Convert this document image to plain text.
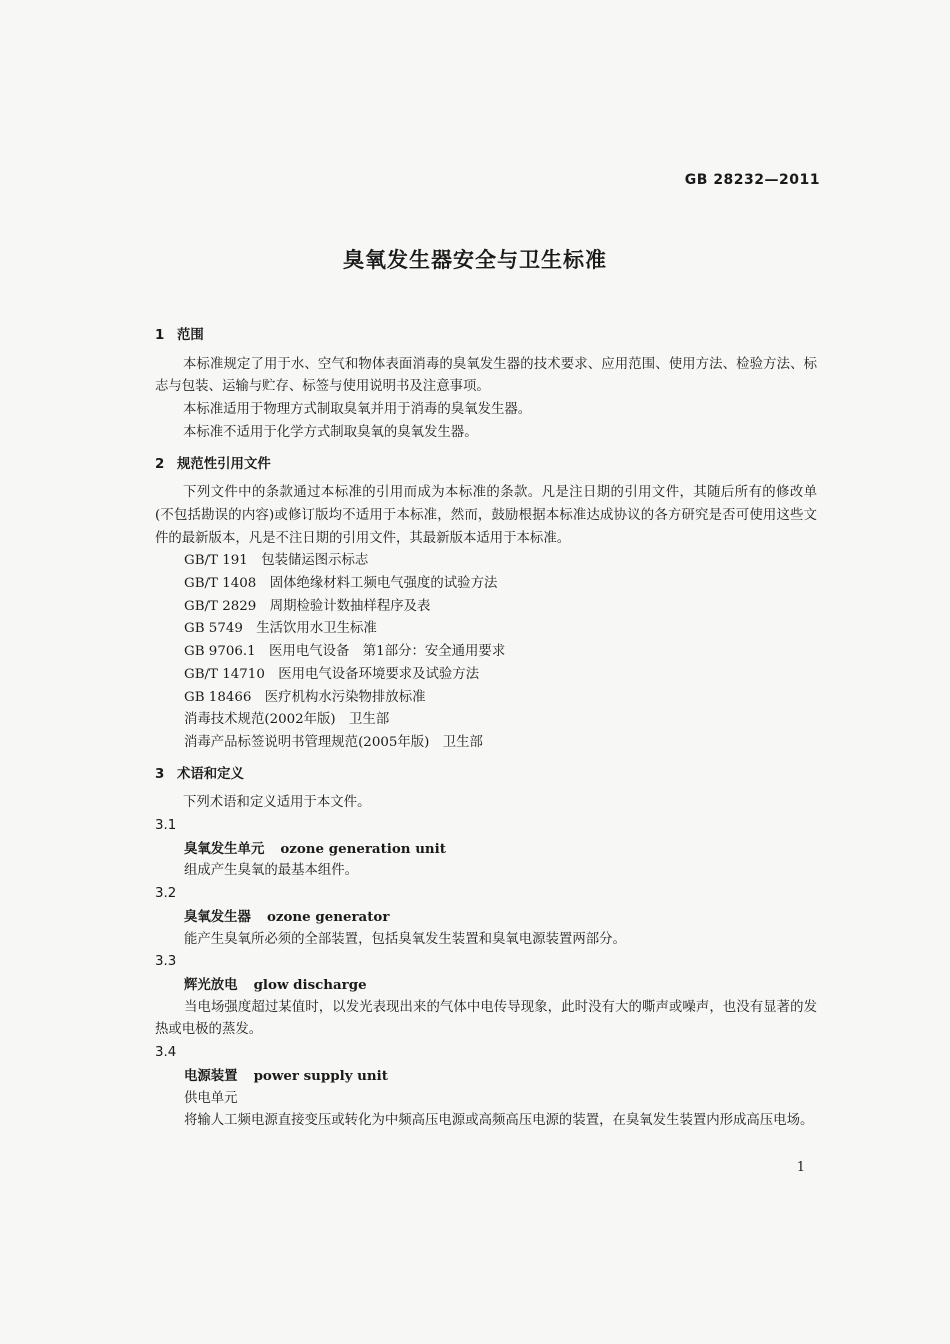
GB 28232—2011
臭氧发生器安全与卫生标准
1 范围

本标准规定了用于水、空气和物体表面消毒的臭氧发生器的技术要求、应用范围、使用方法、检验方法、标志与包装、运输与贮存、标签与使用说明书及注意事项。

本标准适用于物理方式制取臭氧并用于消毒的臭氧发生器。

本标准不适用于化学方式制取臭氧的臭氧发生器。

2 规范性引用文件

下列文件中的条款通过本标准的引用而成为本标准的条款。凡是注日期的引用文件，其随后所有的修改单(不包括勘误的内容)或修订版均不适用于本标准，然而，鼓励根据本标准达成协议的各方研究是否可使用这些文件的最新版本，凡是不注日期的引用文件，其最新版本适用于本标准。

GB/T 191　 包装储运图示标志

GB/T 1408　 固体绝缘材料工频电气强度的试验方法

GB/T 2829　 周期检验计数抽样程序及表

GB 5749　 生活饮用水卫生标准

GB 9706.1　 医用电气设备　第1部分：安全通用要求

GB/T 14710　 医用电气设备环境要求及试验方法

GB 18466　 医疗机构水污染物排放标准

消毒技术规范(2002年版)　 卫生部

消毒产品标签说明书管理规范(2005年版)　 卫生部

3 术语和定义

下列术语和定义适用于本文件。

3.1

臭氧发生单元 ozone generation unit

组成产生臭氧的最基本组件。

3.2

臭氧发生器 ozone generator

能产生臭氧所必须的全部装置，包括臭氧发生装置和臭氧电源装置两部分。

3.3

辉光放电 glow discharge

当电场强度超过某值时，以发光表现出来的气体中电传导现象，此时没有大的嘶声或噪声，也没有显著的发热或电极的蒸发。

3.4

电源装置 power supply unit

供电单元

将输人工频电源直接变压或转化为中频高压电源或高频高压电源的装置，在臭氧发生装置内形成高压电场。

1
